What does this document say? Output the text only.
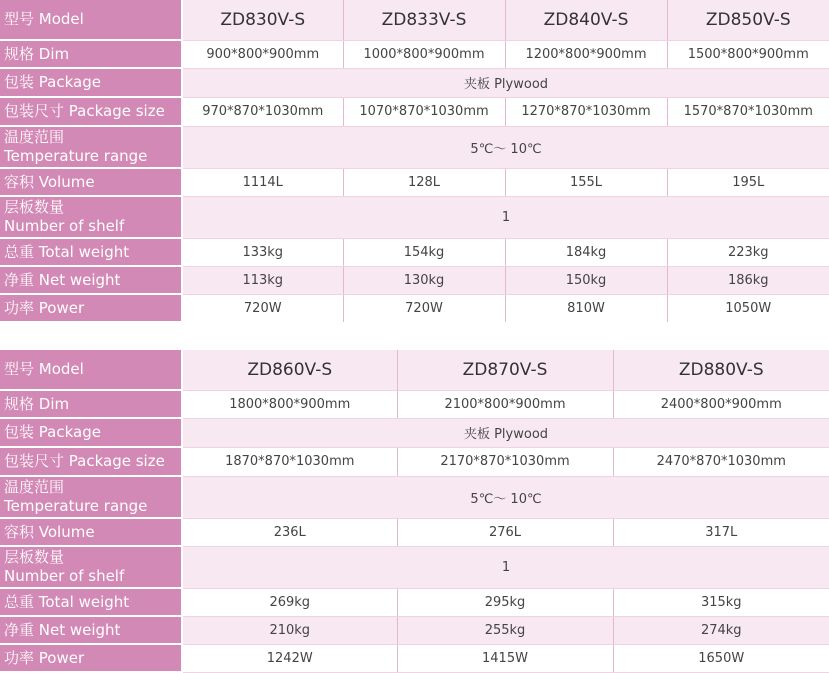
型号 Model	ZD830V-S	ZD833V-S	ZD840V-S	ZD850V-S
规格 Dim	900*800*900mm	1000*800*900mm	1200*800*900mm	1500*800*900mm
包装 Package	夹板 Plywood			
包装尺寸 Package size	970*870*1030mm	1070*870*1030mm	1270*870*1030mm	1570*870*1030mm

温度范围
Temperature range	5℃～ 10℃			
容积 Volume	1114L	128L	155L	195L

层板数量
Number of shelf	1			
总重 Total weight	133kg	154kg	184kg	223kg
净重 Net weight	113kg	130kg	150kg	186kg
功率 Power	720W	720W	810W	1050W
型号 Model	ZD860V-S	ZD870V-S	ZD880V-S
规格 Dim	1800*800*900mm	2100*800*900mm	2400*800*900mm
包装 Package	夹板 Plywood		
包装尺寸 Package size	1870*870*1030mm	2170*870*1030mm	2470*870*1030mm

温度范围
Temperature range	5℃～ 10℃		
容积 Volume	236L	276L	317L

层板数量
Number of shelf	1		
总重 Total weight	269kg	295kg	315kg
净重 Net weight	210kg	255kg	274kg
功率 Power	1242W	1415W	1650W
